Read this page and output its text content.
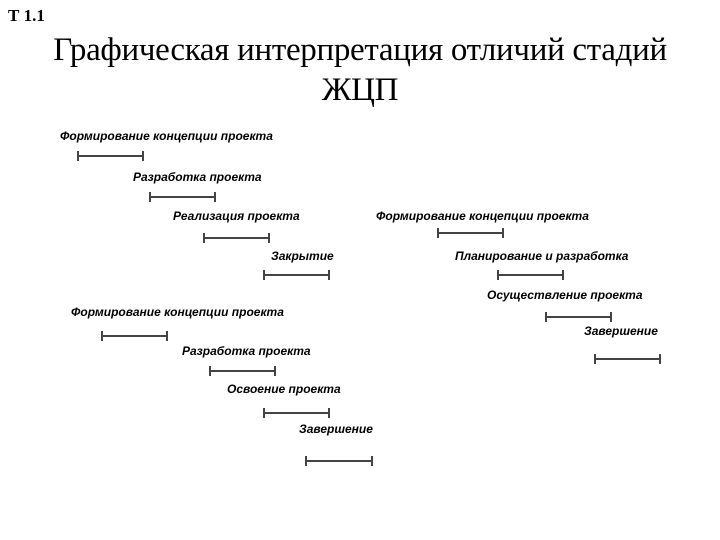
Т 1.1
Графическая интерпретация отличий стадий ЖЦП
Формирование концепции проекта
Разработка проекта
Реализация проекта
Закрытие
Формирование концепции проекта
Разработка проекта
Освоение проекта
Завершение
Формирование концепции проекта
Планирование и разработка
Осуществление проекта
Завершение
